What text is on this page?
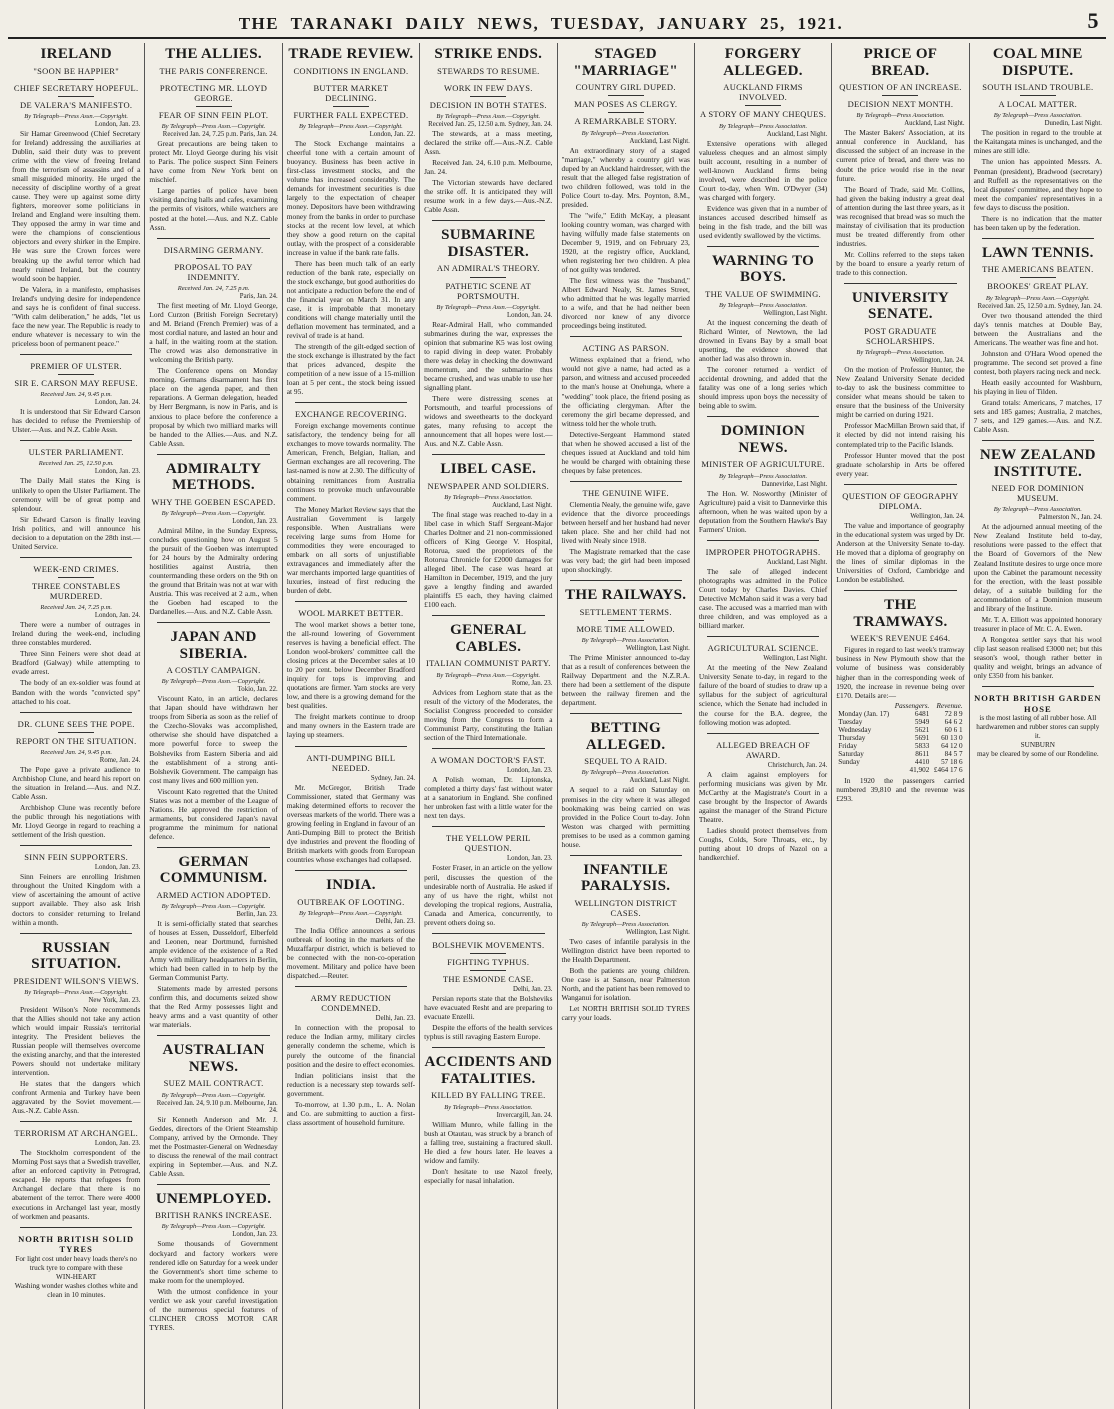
THE TARANAKI DAILY NEWS, TUESDAY, JANUARY 25, 1921.	5
IRELAND
"SOON BE HAPPIER"
CHIEF SECRETARY HOPEFUL.
DE VALERA'S MANIFESTO.
By Telegraph—Press Assn.—Copyright.
London, Jan. 23.

Sir Hamar Greenwood (Chief Secretary for Ireland) addressing the auxiliaries at Dublin, said their duty was to prevent crime with the view of freeing Ireland from the terrorism of assassins and of a small misguided minority. He urged the necessity of discipline worthy of a great cause. They were up against some dirty fighters, moreover some politicians in Ireland and England were insulting them. They opposed the army in war time and were the champions of conscientious objectors and every shirker in the Empire. He was sure the Crown forces were breaking up the awful terror which had nearly ruined Ireland, but the country would soon be happier.

De Valera, in a manifesto, emphasises Ireland's undying desire for independence and says he is confident of final success. "With calm deliberation," he adds, "let us face the new year. The Republic is ready to endure whatever is necessary to win the priceless boon of permanent peace."

PREMIER OF ULSTER.
SIR E. CARSON MAY REFUSE.
Received Jan. 24, 9.45 p.m.
London, Jan. 24.

It is understood that Sir Edward Carson has decided to refuse the Premiership of Ulster.—Aus. and N.Z. Cable Assn.

ULSTER PARLIAMENT.
Received Jan. 25, 12.50 p.m.
London, Jan. 23.

The Daily Mail states the King is unlikely to open the Ulster Parliament. The ceremony will be of great pomp and splendour.

Sir Edward Carson is finally leaving Irish politics, and will announce his decision to a deputation on the 28th inst.—United Service.

WEEK-END CRIMES.
THREE CONSTABLES MURDERED.
Received Jan. 24, 7.25 p.m.
London, Jan. 24.

There were a number of outrages in Ireland during the week-end, including three constables murdered.

Three Sinn Feiners were shot dead at Bradford (Galway) while attempting to evade arrest.

The body of an ex-soldier was found at Bandon with the words "convicted spy" attached to his coat.

DR. CLUNE SEES THE POPE.
REPORT ON THE SITUATION.
Received Jan. 24, 9.45 p.m.
Rome, Jan. 24.

The Pope gave a private audience to Archbishop Clune, and heard his report on the situation in Ireland.—Aus. and N.Z. Cable Assn.

Archbishop Clune was recently before the public through his negotiations with Mr. Lloyd George in regard to reaching a settlement of the Irish question.

SINN FEIN SUPPORTERS.
London, Jan. 23.

Sinn Feiners are enrolling Irishmen throughout the United Kingdom with a view of ascertaining the amount of active support available. They also ask Irish doctors to consider returning to Ireland within a month.

RUSSIAN SITUATION.
PRESIDENT WILSON'S VIEWS.
By Telegraph—Press Assn.—Copyright.
New York, Jan. 23.

President Wilson's Note recommends that the Allies should not take any action which would impair Russia's territorial integrity. The President believes the Russian people will themselves overcome the existing anarchy, and that the interested Powers should not undertake military intervention.

He states that the dangers which confront Armenia and Turkey have been aggravated by the Soviet movement.—Aus.-N.Z. Cable Assn.

TERRORISM AT ARCHANGEL.
London, Jan. 23.

The Stockholm correspondent of the Morning Post says that a Swedish traveller, after an enforced captivity in Petrograd, escaped. He reports that refugees from Archangel declare that there is no abatement of the terror. There were 4000 executions in Archangel last year, mostly of workmen and peasants.

NORTH BRITISH SOLID TYRES
For light cost under heavy loads there's no truck tyre to compare with these
WIN-HEART
Washing wonder washes clothes white and clean in 10 minutes.
THE ALLIES.
THE PARIS CONFERENCE.
PROTECTING MR. LLOYD GEORGE.
FEAR OF SINN FEIN PLOT.
By Telegraph—Press Assn.—Copyright.
Received Jan. 24, 7.25 p.m. Paris, Jan. 24.

Great precautions are being taken to protect Mr. Lloyd George during his visit to Paris. The police suspect Sinn Feiners have come from New York bent on mischief.

Large parties of police have been visiting dancing halls and cafes, examining the permits of visitors, while watchers are posted at the hotel.—Aus. and N.Z. Cable Assn.

DISARMING GERMANY.
PROPOSAL TO PAY INDEMNITY.
Received Jan. 24, 7.25 p.m.
Paris, Jan. 24.

The first meeting of Mr. Lloyd George, Lord Curzon (British Foreign Secretary) and M. Briand (French Premier) was of a most cordial nature, and lasted an hour and a half, in the waiting room at the station. The crowd was also demonstrative in welcoming the British party.

The Conference opens on Monday morning. Germans disarmament has first place on the agenda paper, and then reparations. A German delegation, headed by Herr Bergmann, is now in Paris, and is anxious to place before the conference a proposal by which two milliard marks will be handed to the Allies.—Aus. and N.Z. Cable Assn.

ADMIRALTY METHODS.
WHY THE GOEBEN ESCAPED.
By Telegraph—Press Assn.—Copyright.
London, Jan. 23.

Admiral Milne, in the Sunday Express, concludes questioning how on August 5 the pursuit of the Goeben was interrupted for 24 hours by the Admiralty ordering hostilities against Austria, then countermanding these orders on the 9th on the ground that Britain was not at war with Austria. This was received at 2 a.m., when the Goeben had escaped to the Dardanelles.—Aus. and N.Z. Cable Assn.

JAPAN AND SIBERIA.
A COSTLY CAMPAIGN.
By Telegraph—Press Assn.—Copyright.
Tokio, Jan. 22.

Viscount Kato, in an article, declares that Japan should have withdrawn her troops from Siberia as soon as the relief of the Czecho-Slovaks was accomplished, otherwise she should have dispatched a more powerful force to sweep the Bolsheviks from Eastern Siberia and aid the establishment of a strong anti-Bolshevik Government. The campaign has cost many lives and 600 million yen.

Viscount Kato regretted that the United States was not a member of the League of Nations. He approved the restriction of armaments, but considered Japan's naval programme the minimum for national defence.

GERMAN COMMUNISM.
ARMED ACTION ADOPTED.
By Telegraph—Press Assn.—Copyright.
Berlin, Jan. 23.

It is semi-officially stated that searches of houses at Essen, Dusseldorf, Elberfeld and Leonen, near Dortmund, furnished ample evidence of the existence of a Red Army with military headquarters in Berlin, which had been called in to help by the German Communist Party.

Statements made by arrested persons confirm this, and documents seized show that the Red Army possesses light and heavy arms and a vast quantity of other war materials.

AUSTRALIAN NEWS.
SUEZ MAIL CONTRACT.
By Telegraph—Press Assn.—Copyright.
Received Jan. 24, 9.10 p.m. Melbourne, Jan. 24.

Sir Kenneth Anderson and Mr. J. Geddes, directors of the Orient Steamship Company, arrived by the Ormonde. They met the Postmaster-General on Wednesday to discuss the renewal of the mail contract expiring in September.—Aus. and N.Z. Cable Assn.

UNEMPLOYED.
BRITISH RANKS INCREASE.
By Telegraph—Press Assn.—Copyright.
London, Jan. 23.

Some thousands of Government dockyard and factory workers were rendered idle on Saturday for a week under the Government's short time scheme to make room for the unemployed.

With the utmost confidence in your verdict we ask your careful investigation of the numerous special features of CLINCHER CROSS MOTOR CAR TYRES.

TRADE REVIEW.
CONDITIONS IN ENGLAND.
BUTTER MARKET DECLINING.
FURTHER FALL EXPECTED.
By Telegraph—Press Assn.—Copyright.
London, Jan. 22.

The Stock Exchange maintains a cheerful tone with a certain amount of buoyancy. Business has been active in first-class investment stocks, and the volume has increased considerably. The demands for investment securities is due largely to the expectation of cheaper money. Depositors have been withdrawing money from the banks in order to purchase stocks at the recent low level, at which they show a good return on the capital outlay, with the prospect of a considerable increase in value if the bank rate falls.

There has been much talk of an early reduction of the bank rate, especially on the stock exchange, but good authorities do not anticipate a reduction before the end of the financial year on March 31. In any case, it is improbable that monetary conditions will change materially until the deflation movement has terminated, and a revival of trade is at hand.

The strength of the gilt-edged section of the stock exchange is illustrated by the fact that prices advanced, despite the competition of a new issue of a 15-million loan at 5 per cent., the stock being issued at 95.

EXCHANGE RECOVERING.

Foreign exchange movements continue satisfactory, the tendency being for all exchanges to move towards normality. The American, French, Belgian, Italian, and German exchanges are all recovering. The last-named is now at 2.30. The difficulty of obtaining remittances from Australia continues to provoke much unfavourable comment.

The Money Market Review says that the Australian Government is largely responsible. When Australians were receiving large sums from Home for commodities they were encouraged to embark on all sorts of unjustifiable extravagances and immediately after the war merchants imported large quantities of luxuries, instead of first reducing the burden of debt.

WOOL MARKET BETTER.

The wool market shows a better tone, the all-round lowering of Government reserves is having a beneficial effect. The London wool-brokers' committee call the closing prices at the December sales at 10 to 20 per cent. below December Bradford inquiry for tops is improving and quotations are firmer. Yarn stocks are very low, and there is a growing demand for the best qualities.

The freight markets continue to droop and many owners in the Eastern trade are laying up steamers.

ANTI-DUMPING BILL NEEDED.
Sydney, Jan. 24.

Mr. McGregor, British Trade Commissioner, stated that Germany was making determined efforts to recover the overseas markets of the world. There was a growing feeling in England in favour of an Anti-Dumping Bill to protect the British dye industries and prevent the flooding of British markets with goods from European countries whose exchanges had collapsed.

INDIA.
OUTBREAK OF LOOTING.
By Telegraph—Press Assn.—Copyright.
Delhi, Jan. 23.

The India Office announces a serious outbreak of looting in the markets of the Muzaffarpur district, which is believed to be connected with the non-co-operation movement. Military and police have been dispatched.—Reuter.

ARMY REDUCTION CONDEMNED.
Delhi, Jan. 23.

In connection with the proposal to reduce the Indian army, military circles generally condemn the scheme, which is purely the outcome of the financial position and the desire to effect economies.

Indian politicians insist that the reduction is a necessary step towards self-government.

To-morrow, at 1.30 p.m., L. A. Nolan and Co. are submitting to auction a first-class assortment of household furniture.

STRIKE ENDS.
STEWARDS TO RESUME.
WORK IN FEW DAYS.
DECISION IN BOTH STATES.
By Telegraph—Press Assn.—Copyright.
Received Jan. 25, 12.50 a.m. Sydney, Jan. 24.

The stewards, at a mass meeting, declared the strike off.—Aus.-N.Z. Cable Assn.

Received Jan. 24, 6.10 p.m. Melbourne, Jan. 24.

The Victorian stewards have declared the strike off. It is anticipated they will resume work in a few days.—Aus.-N.Z. Cable Assn.

SUBMARINE DISASTER.
AN ADMIRAL'S THEORY.
PATHETIC SCENE AT PORTSMOUTH.
By Telegraph—Press Assn.—Copyright.
London, Jan. 24.

Rear-Admiral Hall, who commanded submarines during the war, expresses the opinion that submarine K5 was lost owing to rapid diving in deep water. Probably there was delay in checking the downward momentum, and the submarine thus became crushed, and was unable to use her signalling plant.

There were distressing scenes at Portsmouth, and tearful processions of widows and sweethearts to the dockyard gates, many refusing to accept the announcement that all hopes were lost.—Aus. and N.Z. Cable Assn.

LIBEL CASE.
NEWSPAPER AND SOLDIERS.
By Telegraph—Press Association.
Auckland, Last Night.

The final stage was reached to-day in a libel case in which Staff Sergeant-Major Charles Doltner and 21 non-commissioned officers of King George V. Hospital, Rotorua, sued the proprietors of the Rotorua Chronicle for £2000 damages for alleged libel. The case was heard at Hamilton in December, 1919, and the jury gave a lengthy finding and awarded plaintiffs £5 each, they having claimed £100 each.

GENERAL CABLES.
ITALIAN COMMUNIST PARTY.
By Telegraph—Press Assn.—Copyright.
Rome, Jan. 23.

Advices from Leghorn state that as the result of the victory of the Moderates, the Socialist Congress proceeded to consider moving from the Congress to form a Communist Party, constituting the Italian section of the Third Internationale.

A WOMAN DOCTOR'S FAST.
London, Jan. 23.

A Polish woman, Dr. Liptonska, completed a thirty days' fast without water at a sanatorium in England. She confined her unbroken fast with a little water for the next ten days.

THE YELLOW PERIL QUESTION.
London, Jan. 23.

Foster Fraser, in an article on the yellow peril, discusses the question of the undesirable north of Australia. He asked if any of us have the right, whilst not developing the tropical regions, Australia, Canada and America, concurrently, to prevent others doing so.

BOLSHEVIK MOVEMENTS.
FIGHTING TYPHUS.
THE ESMONDE CASE.
Delhi, Jan. 23.

Persian reports state that the Bolsheviks have evacuated Resht and are preparing to evacuate Enzelli.

Despite the efforts of the health services typhus is still ravaging Eastern Europe.

ACCIDENTS AND FATALITIES.
KILLED BY FALLING TREE.
By Telegraph—Press Association.
Invercargill, Jan. 24.

William Munro, while falling in the bush at Otautau, was struck by a branch of a falling tree, sustaining a fractured skull. He died a few hours later. He leaves a widow and family.

Don't hesitate to use Nazol freely, especially for nasal inhalation.

STAGED "MARRIAGE"
COUNTRY GIRL DUPED.
MAN POSES AS CLERGY.
A REMARKABLE STORY.
By Telegraph—Press Association.
Auckland, Last Night.

An extraordinary story of a staged "marriage," whereby a country girl was duped by an Auckland hairdresser, with the result that the alleged false registration of two children followed, was told in the Police Court to-day. Mrs. Poynton, 8.M., presided.

The "wife," Edith McKay, a pleasant looking country woman, was charged with having wilfully made false statements on December 9, 1919, and on February 23, 1920, at the registry office, Auckland, when registering her two children. A plea of not guilty was tendered.

The first witness was the "husband," Albert Edward Nealy, St. James Street, who admitted that he was legally married to a wife, and that he had neither been divorced nor knew of any divorce proceedings being instituted.

ACTING AS PARSON.

Witness explained that a friend, who would not give a name, had acted as a parson, and witness and accused proceeded to the man's house at Onehunga, where a "wedding" took place, the friend posing as the officiating clergyman. After the ceremony the girl became depressed, and witness told her the whole truth.

Detective-Sergeant Hammond stated that when he showed accused a list of the cheques issued at Auckland and told him he would be charged with obtaining these cheques by false pretences.

THE GENUINE WIFE.

Clementia Nealy, the genuine wife, gave evidence that the divorce proceedings between herself and her husband had never taken place. She and her child had not lived with Nealy since 1918.

The Magistrate remarked that the case was very bad; the girl had been imposed upon shockingly.

THE RAILWAYS.
SETTLEMENT TERMS.
MORE TIME ALLOWED.
By Telegraph—Press Association.
Wellington, Last Night.

The Prime Minister announced to-day that as a result of conferences between the Railway Department and the N.Z.R.A. there had been a settlement of the dispute between the railway firemen and the department.

BETTING ALLEGED.
SEQUEL TO A RAID.
By Telegraph—Press Association.
Auckland, Last Night.

A sequel to a raid on Saturday on premises in the city where it was alleged bookmaking was being carried on was provided in the Police Court to-day. John Weston was charged with permitting premises to be used as a common gaming house.

INFANTILE PARALYSIS.
WELLINGTON DISTRICT CASES.
By Telegraph—Press Association.
Wellington, Last Night.

Two cases of infantile paralysis in the Wellington district have been reported to the Health Department.

Both the patients are young children. One case is at Sanson, near Palmerston North, and the patient has been removed to Wanganui for isolation.

Let NORTH BRITISH SOLID TYRES carry your loads.

FORGERY ALLEGED.
AUCKLAND FIRMS INVOLVED.
A STORY OF MANY CHEQUES.
By Telegraph—Press Association.
Auckland, Last Night.

Extensive operations with alleged valueless cheques and an almost simply built account, resulting in a number of well-known Auckland firms being involved, were described in the police Court to-day, when Wm. O'Dwyer (34) was charged with forgery.

Evidence was given that in a number of instances accused described himself as being in the fish trade, and the bill was used evidently swallowed by the victims.

WARNING TO BOYS.
THE VALUE OF SWIMMING.
By Telegraph—Press Association.
Wellington, Last Night.

At the inquest concerning the death of Richard Winter, of Newtown, the lad drowned in Evans Bay by a small boat upsetting, the evidence showed that another lad was also thrown in.

The coroner returned a verdict of accidental drowning, and added that the fatality was one of a long series which should impress upon boys the necessity of being able to swim.

DOMINION NEWS.
MINISTER OF AGRICULTURE.
By Telegraph—Press Association.
Dannevirke, Last Night.

The Hon. W. Nosworthy (Minister of Agriculture) paid a visit to Dannevirke this afternoon, when he was waited upon by a deputation from the Southern Hawke's Bay Farmers' Union.

IMPROPER PHOTOGRAPHS.
Auckland, Last Night.

The sale of alleged indecent photographs was admitted in the Police Court today by Charles Davies. Chief Detective McMahon said it was a very bad case. The accused was a married man with three children, and was employed as a billiard marker.

AGRICULTURAL SCIENCE.
Wellington, Last Night.

At the meeting of the New Zealand University Senate to-day, in regard to the failure of the board of studies to draw up a syllabus for the subject of agricultural science, which the Senate had included in the course for the B.A. degree, the following motion was adopted.

ALLEGED BREACH OF AWARD.
Christchurch, Jan. 24.

A claim against employers for performing musicians was given by Mr. McCarthy at the Magistrate's Court in a case brought by the Inspector of Awards against the manager of the Strand Picture Theatre.

Ladies should protect themselves from Coughs, Colds, Sore Throats, etc., by putting about 10 drops of Nazol on a handkerchief.

PRICE OF BREAD.
QUESTION OF AN INCREASE.
DECISION NEXT MONTH.
By Telegraph—Press Association.
Auckland, Last Night.

The Master Bakers' Association, at its annual conference in Auckland, has discussed the subject of an increase in the current price of bread, and there was no doubt the price would rise in the near future.

The Board of Trade, said Mr. Collins, had given the baking industry a great deal of attention during the last three years, as it was recognised that bread was so much the mainstay of civilisation that its production must be treated differently from other industries.

Mr. Collins referred to the steps taken by the board to ensure a yearly return of trade to this connection.

UNIVERSITY SENATE.
POST GRADUATE SCHOLARSHIPS.
By Telegraph—Press Association.
Wellington, Jan. 24.

On the motion of Professor Hunter, the New Zealand University Senate decided to-day to ask the business committee to consider what means should be taken to ensure that the business of the University might be carried on during 1921.

Professor MacMillan Brown said that, if it elected by did not intend raising his contemplated trip to the Pacific Islands.

Professor Hunter moved that the post graduate scholarship in Arts be offered every year.

QUESTION OF GEOGRAPHY DIPLOMA.
Wellington, Jan. 24.

The value and importance of geography in the educational system was urged by Dr. Anderson at the University Senate to-day. He moved that a diploma of geography on the lines of similar diplomas in the Universities of Oxford, Cambridge and London be established.

THE TRAMWAYS.
WEEK'S REVENUE £464.

Figures in regard to last week's tramway business in New Plymouth show that the volume of business was considerably higher than in the corresponding week of 1920, the increase in revenue being over £170. Details are:—

	Passengers.	Revenue.
Monday (Jan. 17)	6481	72 8 9
Tuesday	5949	64 6 2
Wednesday	5621	60 6 1
Thursday	5691	60 13 0
Friday	5833	64 12 0
Saturday	8611	84 5 7
Sunday	4410	57 18 6
	41,902	£464 17 6

In 1920 the passengers carried numbered 39,810 and the revenue was £293.

COAL MINE DISPUTE.
SOUTH ISLAND TROUBLE.
A LOCAL MATTER.
By Telegraph—Press Association.
Dunedin, Last Night.

The position in regard to the trouble at the Kaitangata mines is unchanged, and the mines are still idle.

The union has appointed Messrs. A. Penman (president), Bradwood (secretary) and Ruffell as the representatives on the local disputes' committee, and they hope to meet the companies' representatives in a few days to discuss the position.

There is no indication that the matter has been taken up by the federation.

LAWN TENNIS.
THE AMERICANS BEATEN.
BROOKES' GREAT PLAY.
By Telegraph—Press Assn.—Copyright.
Received Jan. 25, 12.50 a.m. Sydney, Jan. 24.

Over two thousand attended the third day's tennis matches at Double Bay, between the Australians and the Americans. The weather was fine and hot.

Johnston and O'Hara Wood opened the programme. The second set proved a fine contest, both players racing neck and neck.

Heath easily accounted for Washburn, his playing in lieu of Tilden.

Grand totals: Americans, 7 matches, 17 sets and 185 games; Australia, 2 matches, 7 sets, and 129 games.—Aus. and N.Z. Cable Assn.

NEW ZEALAND INSTITUTE.
NEED FOR DOMINION MUSEUM.
By Telegraph—Press Association.
Palmerston N., Jan. 24.

At the adjourned annual meeting of the New Zealand Institute held to-day, resolutions were passed to the effect that the Board of Governors of the New Zealand Institute desires to urge once more upon the Cabinet the paramount necessity for the erection, with the least possible delay, of a suitable building for the accommodation of a Dominion museum and library of the Institute.

Mr. T. A. Elliott was appointed honorary treasurer in place of Mr. C. A. Ewen.

A Rongotea settler says that his wool clip last season realised £3000 net; but this season's wool, though rather better in quality and weight, brings an advance of only £350 from his banker.

NORTH BRITISH GARDEN HOSE
is the most lasting of all rubber hose. All hardwaremen and rubber stores can supply it.
SUNBURN
may be cleared by some of our Rondeline.
